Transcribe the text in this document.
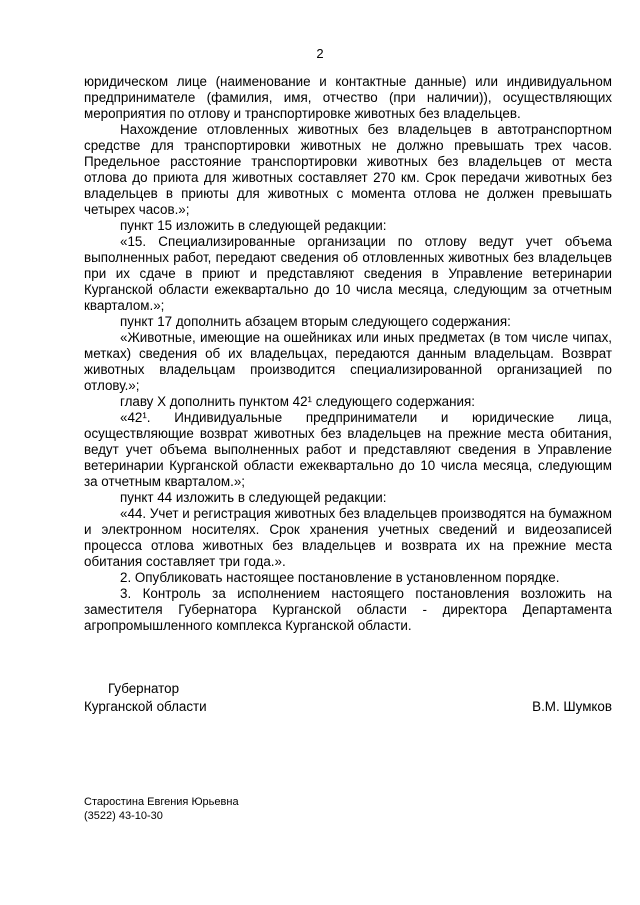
2

юридическом лице (наименование и контактные данные) или индивидуальном предпринимателе (фамилия, имя, отчество (при наличии)), осуществляющих мероприятия по отлову и транспортировке животных без владельцев.

Нахождение отловленных животных без владельцев в автотранспортном средстве для транспортировки животных не должно превышать трех часов. Предельное расстояние транспортировки животных без владельцев от места отлова до приюта для животных составляет 270 км. Срок передачи животных без владельцев в приюты для животных с момента отлова не должен превышать четырех часов.»;

пункт 15 изложить в следующей редакции:

«15. Специализированные организации по отлову ведут учет объема выполненных работ, передают сведения об отловленных животных без владельцев при их сдаче в приют и представляют сведения в Управление ветеринарии Курганской области ежеквартально до 10 числа месяца, следующим за отчетным кварталом.»;

пункт 17 дополнить абзацем вторым следующего содержания:

«Животные, имеющие на ошейниках или иных предметах (в том числе чипах, метках) сведения об их владельцах, передаются данным владельцам. Возврат животных владельцам производится специализированной организацией по отлову.»;

главу X дополнить пунктом 42¹ следующего содержания:

«42¹. Индивидуальные предприниматели и юридические лица, осуществляющие возврат животных без владельцев на прежние места обитания, ведут учет объема выполненных работ и представляют сведения в Управление ветеринарии Курганской области ежеквартально до 10 числа месяца, следующим за отчетным кварталом.»;

пункт 44 изложить в следующей редакции:

«44. Учет и регистрация животных без владельцев производятся на бумажном и электронном носителях. Срок хранения учетных сведений и видеозаписей процесса отлова животных без владельцев и возврата их на прежние места обитания составляет три года.».

2. Опубликовать настоящее постановление в установленном порядке.

3. Контроль за исполнением настоящего постановления возложить на заместителя Губернатора Курганской области - директора Департамента агропромышленного комплекса Курганской области.

Губернатор

Курганской области	В.М. Шумков
Старостина Евгения Юрьевна
(3522) 43-10-30
